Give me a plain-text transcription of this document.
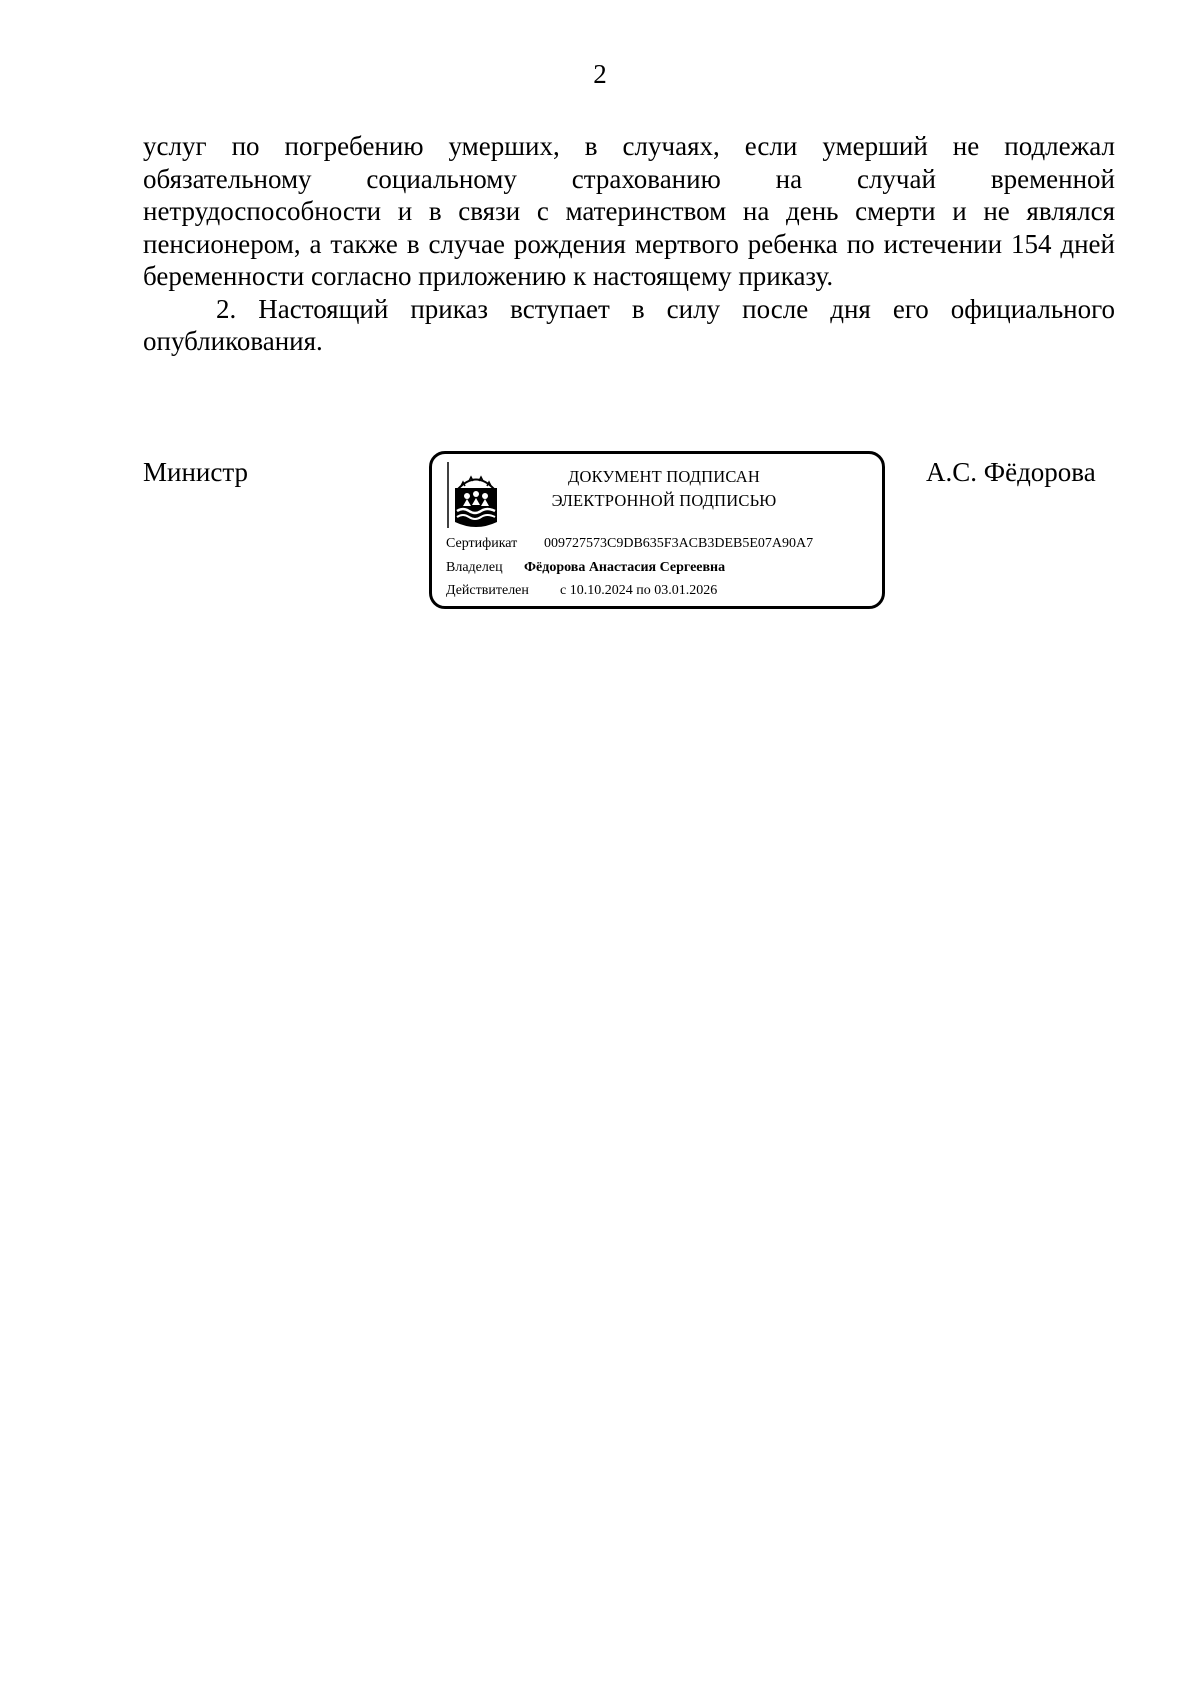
2

услуг по погребению умерших, в случаях, если умерший не подлежал обязательному социальному страхованию на случай временной нетрудоспособности и в связи с материнством на день смерти и не являлся пенсионером, а также в случае рождения мертвого ребенка по истечении 154 дней беременности согласно приложению к настоящему приказу.

2. Настоящий приказ вступает в силу после дня его официального опубликования.

Министр	ДОКУМЕНТ ПОДПИСАН
ЭЛЕКТРОННОЙ ПОДПИСЬЮ
Сертификат 009727573C9DB635F3ACB3DEB5E07A90A7
Владелец Фёдорова Анастасия Сергеевна
Действителен с 10.10.2024 по 03.01.2026
А.С. Фёдорова
